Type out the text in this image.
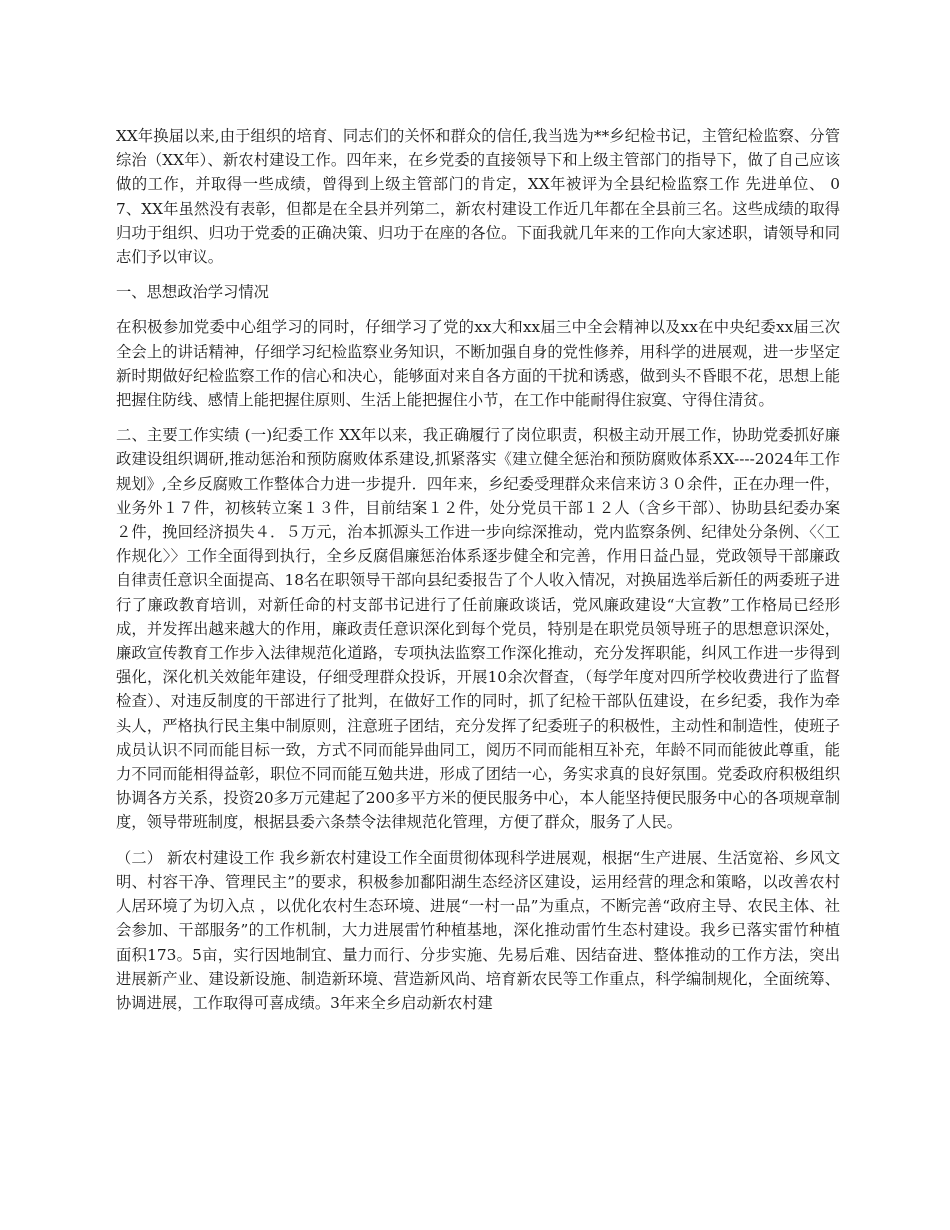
XX年换届以来,由于组织的培育、同志们的关怀和群众的信任,我当选为**乡纪检书记，主管纪检监察、分管综治（XX年）、新农村建设工作。四年来，在乡党委的直接领导下和上级主管部门的指导下，做了自己应该做的工作，并取得一些成绩，曾得到上级主管部门的肯定，XX年被评为全县纪检监察工作 先进单位、 07、XX年虽然没有表彰，但都是在全县并列第二，新农村建设工作近几年都在全县前三名。这些成绩的取得归功于组织、归功于党委的正确决策、归功于在座的各位。下面我就几年来的工作向大家述职，请领导和同志们予以审议。

一、思想政治学习情况

在积极参加党委中心组学习的同时，仔细学习了党的xx大和xx届三中全会精神以及xx在中央纪委xx届三次全会上的讲话精神，仔细学习纪检监察业务知识，不断加强自身的党性修养，用科学的进展观，进一步坚定新时期做好纪检监察工作的信心和决心，能够面对来自各方面的干扰和诱惑，做到头不昏眼不花，思想上能把握住防线、感情上能把握住原则、生活上能把握住小节，在工作中能耐得住寂寞、守得住清贫。

二、主要工作实绩 (一)纪委工作 XX年以来，我正确履行了岗位职责，积极主动开展工作，协助党委抓好廉政建设组织调研,推动惩治和预防腐败体系建设,抓紧落实《建立健全惩治和预防腐败体系XX----2024年工作规划》,全乡反腐败工作整体合力进一步提升．四年来，乡纪委受理群众来信来访３０余件，正在办理一件，业务外１７件，初核转立案１３件，目前结案１２件，处分党员干部１２人（含乡干部）、协助县纪委办案２件，挽回经济损失４．５万元，治本抓源头工作进一步向综深推动，党内监察条例、纪律处分条例、〈〈工作规化〉〉工作全面得到执行，全乡反腐倡廉惩治体系逐步健全和完善，作用日益凸显，党政领导干部廉政自律责任意识全面提高、18名在职领导干部向县纪委报告了个人收入情况，对换届选举后新任的两委班子进行了廉政教育培训，对新任命的村支部书记进行了任前廉政谈话，党风廉政建设“大宣教”工作格局已经形成，并发挥出越来越大的作用，廉政责任意识深化到每个党员，特别是在职党员领导班子的思想意识深处，廉政宣传教育工作步入法律规范化道路，专项执法监察工作深化推动，充分发挥职能，纠风工作进一步得到强化，深化机关效能年建设，仔细受理群众投诉，开展10余次督查，（每学年度对四所学校收费进行了监督检查）、对违反制度的干部进行了批判，在做好工作的同时，抓了纪检干部队伍建设，在乡纪委，我作为牵头人，严格执行民主集中制原则，注意班子团结，充分发挥了纪委班子的积极性，主动性和制造性，使班子成员认识不同而能目标一致，方式不同而能异曲同工，阅历不同而能相互补充，年龄不同而能彼此尊重，能力不同而能相得益彰，职位不同而能互勉共进，形成了团结一心，务实求真的良好氛围。党委政府积极组织协调各方关系，投资20多万元建起了200多平方米的便民服务中心，本人能坚持便民服务中心的各项规章制度，领导带班制度，根据县委六条禁令法律规范化管理，方便了群众，服务了人民。

（二） 新农村建设工作 我乡新农村建设工作全面贯彻体现科学进展观，根据“生产进展、生活宽裕、乡风文明、村容干净、管理民主”的要求，积极参加鄱阳湖生态经济区建设，运用经营的理念和策略，以改善农村人居环境了为切入点 ，以优化农村生态环境、进展“一村一品”为重点，不断完善“政府主导、农民主体、社会参加、干部服务”的工作机制，大力进展雷竹种植基地，深化推动雷竹生态村建设。我乡已落实雷竹种植面积173。5亩，实行因地制宜、量力而行、分步实施、先易后难、因结奋进、整体推动的工作方法，突出进展新产业、建设新设施、制造新环境、营造新风尚、培育新农民等工作重点，科学编制规化，全面统筹、协调进展，工作取得可喜成绩。3年来全乡启动新农村建
